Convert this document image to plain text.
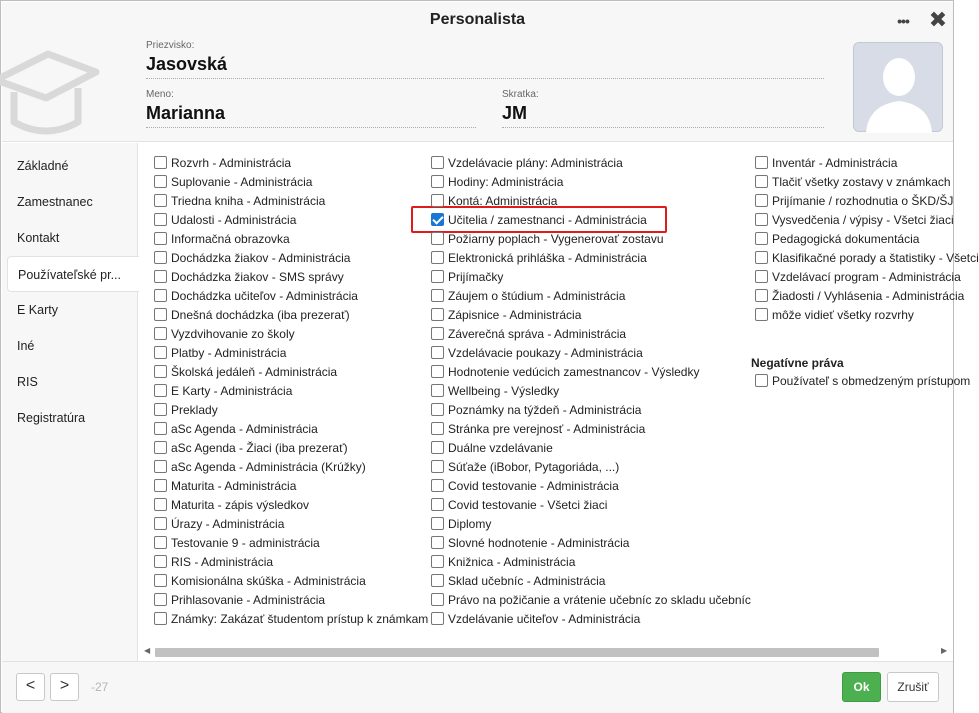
Personalista	••• ✖
Priezvisko:
Jasovská
Meno:
Marianna
Skratka:
JM
Základné
Zamestnanec
Kontakt
Používateľské pr...
E Karty
Iné
RIS
Registratúra
Negatívne práva
◀	▶
Rozvrh - Administrácia
Suplovanie - Administrácia
Triedna kniha - Administrácia
Udalosti - Administrácia
Informačná obrazovka
Dochádzka žiakov - Administrácia
Dochádzka žiakov - SMS správy
Dochádzka učiteľov - Administrácia
Dnešná dochádzka (iba prezerať)
Vyzdvihovanie zo školy
Platby - Administrácia
Školská jedáleň - Administrácia
E Karty - Administrácia
Preklady
aSc Agenda - Administrácia
aSc Agenda - Žiaci (iba prezerať)
aSc Agenda - Administrácia (Krúžky)
Maturita - Administrácia
Maturita - zápis výsledkov
Úrazy - Administrácia
Testovanie 9 - administrácia
RIS - Administrácia
Komisionálna skúška - Administrácia
Prihlasovanie - Administrácia
Známky: Zakázať študentom prístup k známkam
Vzdelávacie plány: Administrácia
Hodiny: Administrácia
Kontá: Administrácia
Učitelia / zamestnanci - Administrácia
Požiarny poplach - Vygenerovať zostavu
Elektronická prihláška - Administrácia
Prijímačky
Záujem o štúdium - Administrácia
Zápisnice - Administrácia
Záverečná správa - Administrácia
Vzdelávacie poukazy - Administrácia
Hodnotenie vedúcich zamestnancov - Výsledky
Wellbeing - Výsledky
Poznámky na týždeň - Administrácia
Stránka pre verejnosť - Administrácia
Duálne vzdelávanie
Súťaže (iBobor, Pytagoriáda, ...)
Covid testovanie - Administrácia
Covid testovanie - Všetci žiaci
Diplomy
Slovné hodnotenie - Administrácia
Knižnica - Administrácia
Sklad učebníc - Administrácia
Právo na požičanie a vrátenie učebníc zo skladu učebníc
Vzdelávanie učiteľov - Administrácia
Inventár - Administrácia
Tlačiť všetky zostavy v známkach
Prijímanie / rozhodnutia o ŠKD/ŠJ
Vysvedčenia / výpisy - Všetci žiaci
Pedagogická dokumentácia
Klasifikačné porady a štatistiky - Všetci
Vzdelávací program - Administrácia
Žiadosti / Vyhlásenia - Administrácia
môže vidieť všetky rozvrhy
Používateľ s obmedzeným prístupom
<	>	-27	Ok	Zrušiť
